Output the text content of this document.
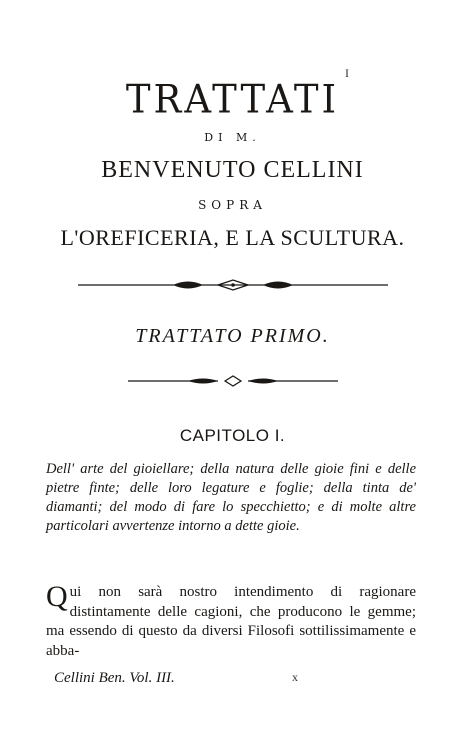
I
TRATTATI
DI M.
BENVENUTO CELLINI
SOPRA
L'OREFICERIA, E LA SCULTURA.
TRATTATO PRIMO.
CAPITOLO I.
Dell' arte del gioiellare; della natura delle gioie fini e delle pietre finte; delle loro legature e foglie; della tinta de' diamanti; del modo di fare lo specchietto; e di molte altre particolari avvertenze intorno a dette gioie.
Qui non sarà nostro intendimento di ragionare distintamente delle cagioni, che producono le gemme; ma essendo di questo da diversi Filosofi sottilissimamente e abba-
Cellini Ben. Vol. III.	x
